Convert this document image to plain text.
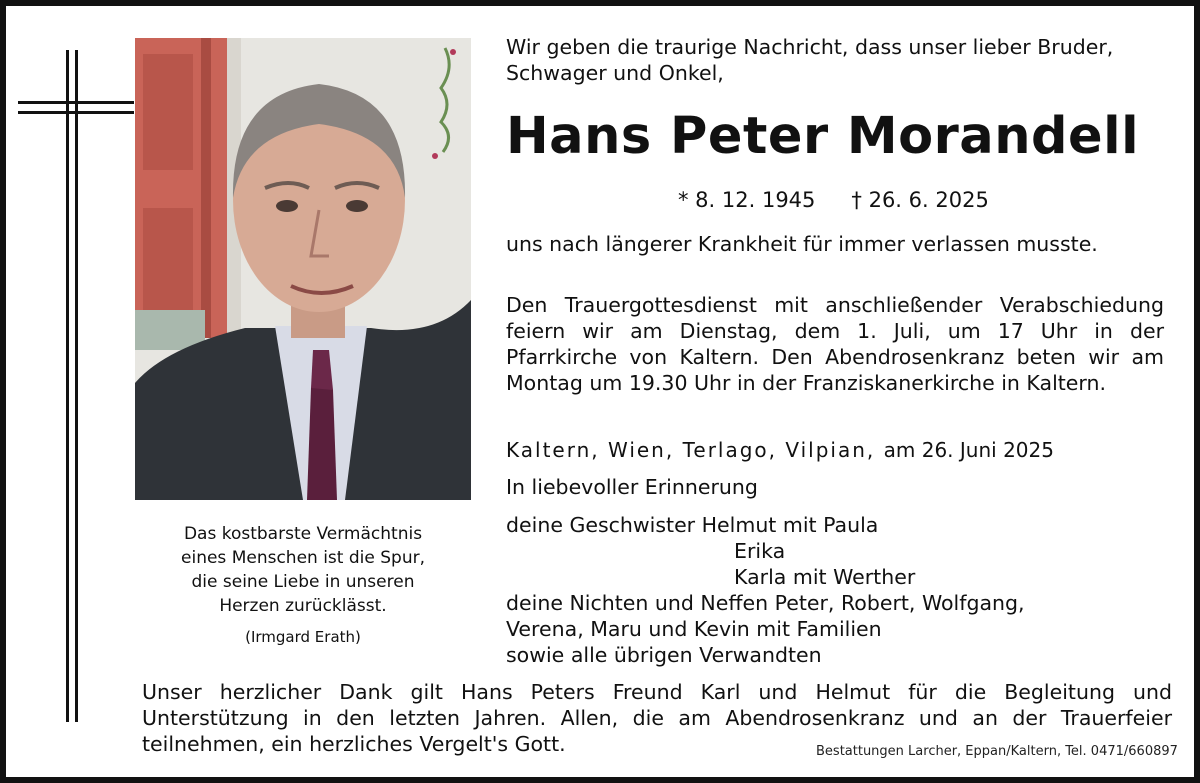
Das kostbarste Vermächtnis
eines Menschen ist die Spur,
die seine Liebe in unseren
Herzen zurücklässt.
(Irmgard Erath)
Wir geben die traurige Nachricht, dass unser lieber Bruder, Schwager und Onkel,
Hans Peter Morandell
* 8. 12. 1945 † 26. 6. 2025
uns nach längerer Krankheit für immer verlassen musste.
Den Trauergottesdienst mit anschließender Verabschiedung feiern wir am Dienstag, dem 1. Juli, um 17 Uhr in der Pfarrkirche von Kaltern. Den Abendrosenkranz beten wir am Montag um 19.30 Uhr in der Franziskanerkirche in Kaltern.
Kaltern, Wien, Terlago, Vilpian, am 26. Juni 2025
In liebevoller Erinnerung
deine Geschwister Helmut mit Paula
Erika
Karla mit Werther
deine Nichten und Neffen Peter, Robert, Wolfgang,
Verena, Maru und Kevin mit Familien
sowie alle übrigen Verwandten
Unser herzlicher Dank gilt Hans Peters Freund Karl und Helmut für die Begleitung und Unterstützung in den letzten Jahren. Allen, die am Abendrosenkranz und an der Trauerfeier teilnehmen, ein herzliches Vergelt's Gott.	Bestattungen Larcher, Eppan/Kaltern, Tel. 0471/660897
